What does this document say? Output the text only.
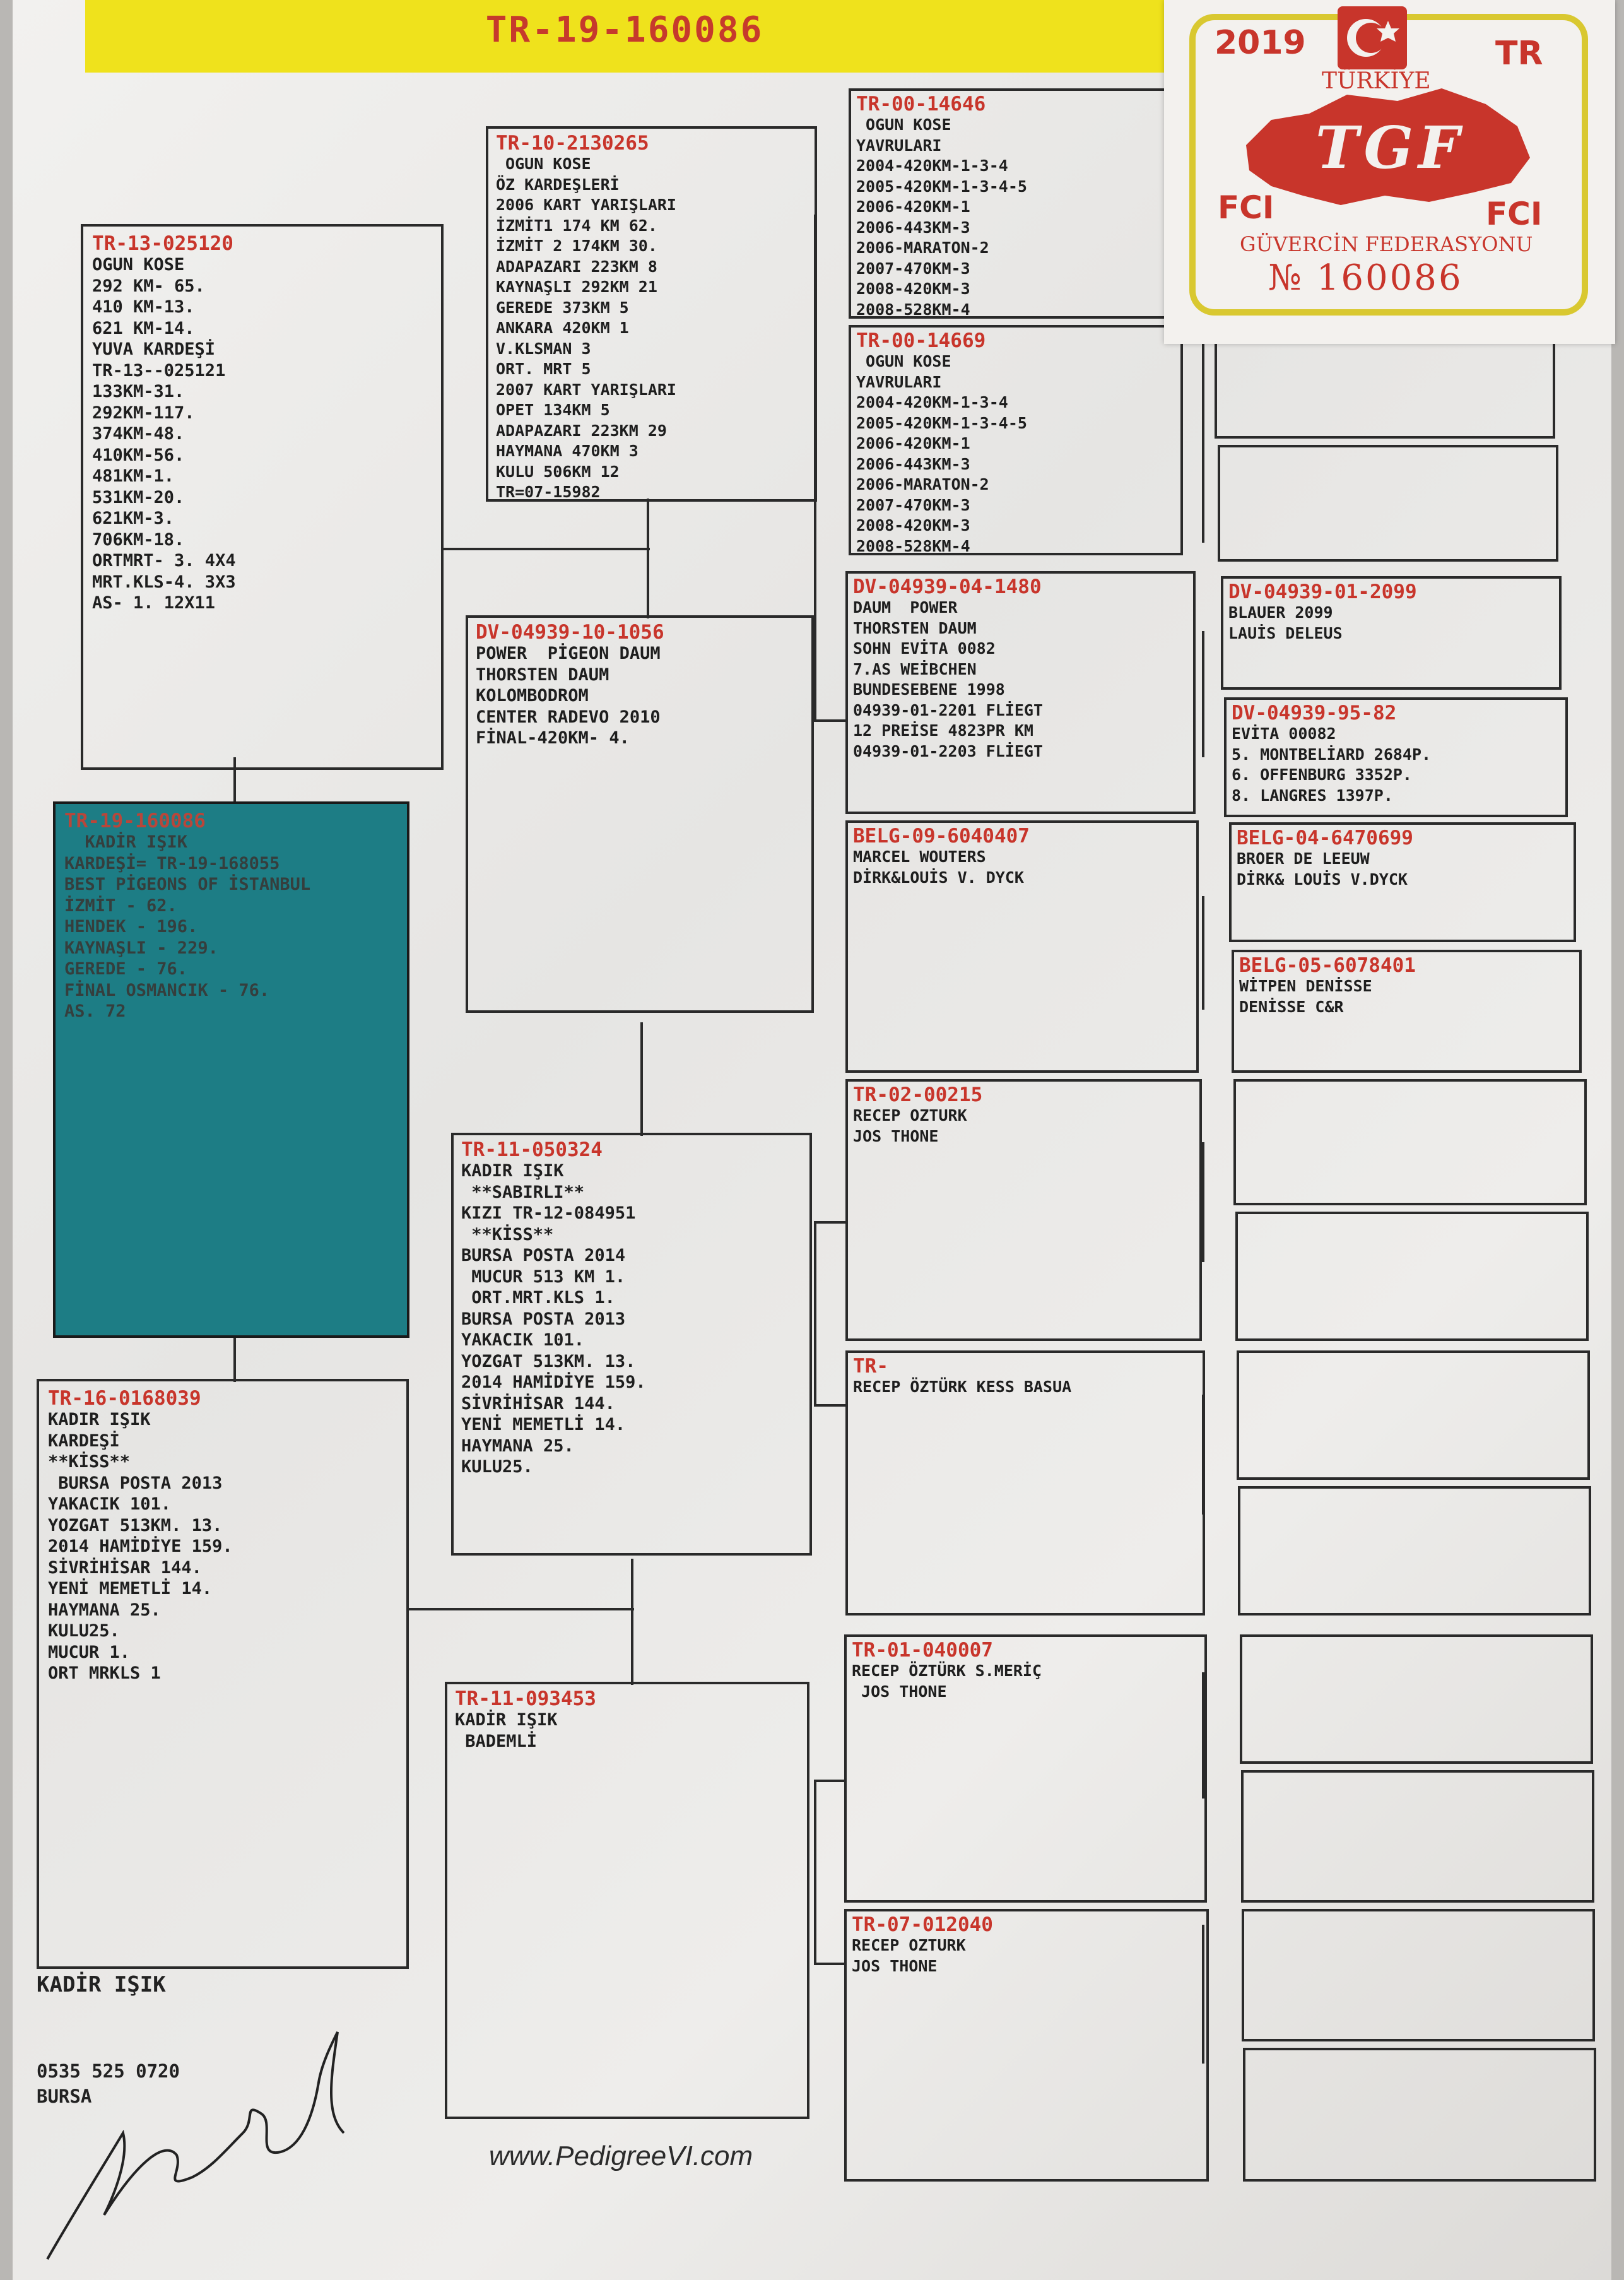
TR-19-160086
TR-19-160086
KADİR IŞIK
KARDEŞİ= TR-19-168055
BEST PİGEONS OF İSTANBUL
İZMİT - 62.
HENDEK - 196.
KAYNAŞLI - 229.
GEREDE - 76.
FİNAL OSMANCIK - 76.
AS. 72
TR-13-025120
OGUN KOSE
292 KM- 65.
410 KM-13.
621 KM-14.
YUVA KARDEŞİ
TR-13--025121
133KM-31.
292KM-117.
374KM-48.
410KM-56.
481KM-1.
531KM-20.
621KM-3.
706KM-18.
ORTMRT- 3. 4X4
MRT.KLS-4. 3X3
AS- 1. 12X11
TR-16-0168039
KADIR IŞIK
KARDEŞİ
**KİSS**
BURSA POSTA 2013
YAKACIK 101.
YOZGAT 513KM. 13.
2014 HAMİDİYE 159.
SİVRİHİSAR 144.
YENİ MEMETLİ 14.
HAYMANA 25.
KULU25.
MUCUR 1.
ORT MRKLS 1
TR-10-2130265
OGUN KOSE
ÖZ KARDEŞLERİ
2006 KART YARIŞLARI
İZMİT1 174 KM 62.
İZMİT 2 174KM 30.
ADAPAZARI 223KM 8
KAYNAŞLI 292KM 21
GEREDE 373KM 5
ANKARA 420KM 1
V.KLSMAN 3
ORT. MRT 5
2007 KART YARIŞLARI
OPET 134KM 5
ADAPAZARI 223KM 29
HAYMANA 470KM 3
KULU 506KM 12
TR=07-15982
DV-04939-10-1056
POWER  PİGEON DAUM
THORSTEN DAUM
KOLOMBODROM
CENTER RADEVO 2010
FİNAL-420KM- 4.
TR-11-050324
KADIR IŞIK
**SABIRLI**
KIZI TR-12-084951
**KİSS**
BURSA POSTA 2014
MUCUR 513 KM 1.
ORT.MRT.KLS 1.
BURSA POSTA 2013
YAKACIK 101.
YOZGAT 513KM. 13.
2014 HAMİDİYE 159.
SİVRİHİSAR 144.
YENİ MEMETLİ 14.
HAYMANA 25.
KULU25.
TR-11-093453
KADİR IŞIK
BADEMLİ
TR-00-14646
OGUN KOSE
YAVRULARI
2004-420KM-1-3-4
2005-420KM-1-3-4-5
2006-420KM-1
2006-443KM-3
2006-MARATON-2
2007-470KM-3
2008-420KM-3
2008-528KM-4
TR-00-14669
OGUN KOSE
YAVRULARI
2004-420KM-1-3-4
2005-420KM-1-3-4-5
2006-420KM-1
2006-443KM-3
2006-MARATON-2
2007-470KM-3
2008-420KM-3
2008-528KM-4
DV-04939-04-1480
DAUM  POWER
THORSTEN DAUM
SOHN EVİTA 0082
7.AS WEİBCHEN
BUNDESEBENE 1998
04939-01-2201 FLİEGT
12 PREİSE 4823PR KM
04939-01-2203 FLİEGT
BELG-09-6040407
MARCEL WOUTERS
DİRK&LOUİS V. DYCK
TR-02-00215
RECEP OZTURK
JOS THONE
TR-
RECEP ÖZTÜRK KESS BASUA
TR-01-040007
RECEP ÖZTÜRK S.MERİÇ
JOS THONE
TR-07-012040
RECEP OZTURK
JOS THONE
DV-04939-01-2099
BLAUER 2099
LAUİS DELEUS
DV-04939-95-82
EVİTA 00082
5. MONTBELİARD 2684P.
6. OFFENBURG 3352P.
8. LANGRES 1397P.
BELG-04-6470699
BROER DE LEEUW
DİRK& LOUİS V.DYCK
BELG-05-6078401
WİTPEN DENİSSE
DENİSSE C&R
2019	TR
TÜRKİYE
TGF
FCI	FCI
GÜVERCİN FEDERASYONU
№ 160086
KADİR IŞIK
0535 525 0720
BURSA
www.PedigreeVI.com
